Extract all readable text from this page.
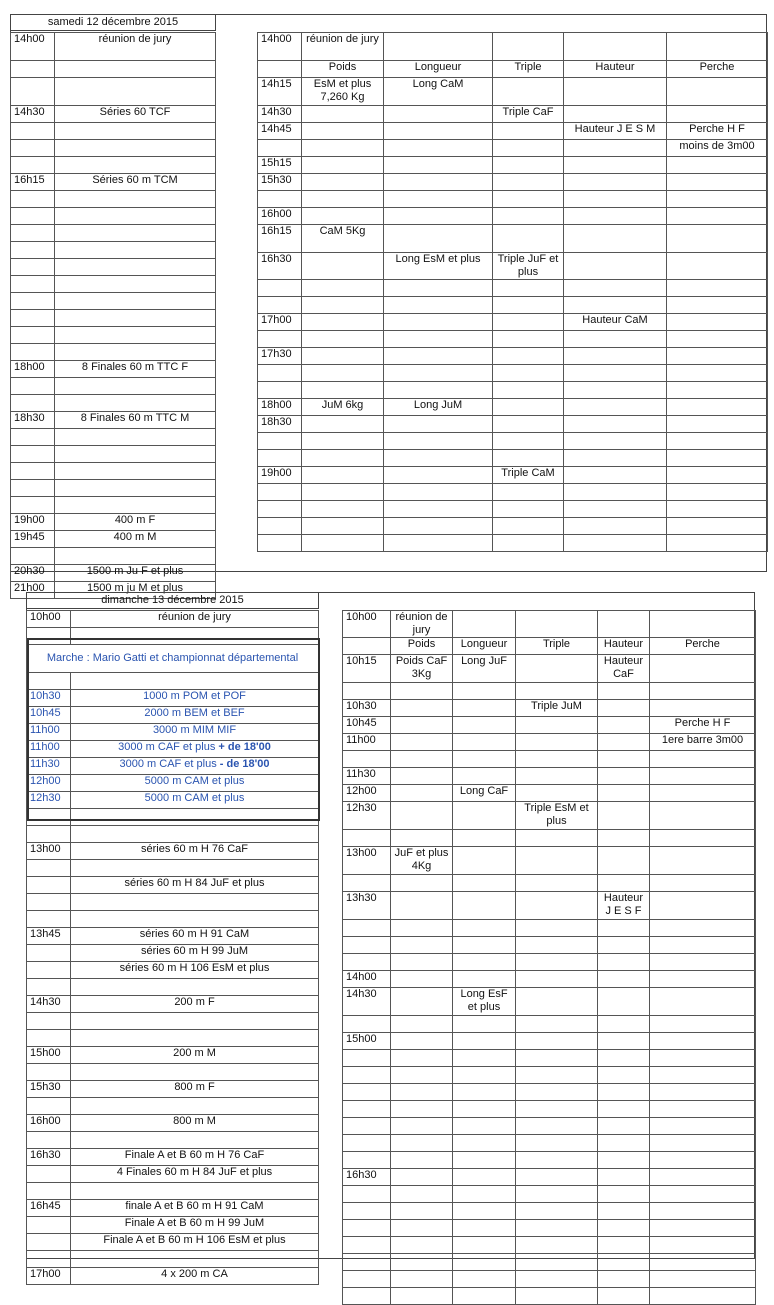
samedi 12 décembre 2015
14h00	réunion de jury

14h30	Séries 60 TCF

16h15	Séries 60 m TCM

18h00	8 Finales 60 m TTC F

18h30	8 Finales 60 m TTC M

19h00	400 m F
19h45	400 m M

20h30	1500 m Ju F et plus
21h00	1500 m ju M et plus
14h00	réunion de jury				
	Poids	Longueur	Triple	Hauteur	Perche
14h15	EsM et plus 7,260 Kg	Long CaM			
14h30			Triple CaF		
14h45				Hauteur J E S M	Perche H F
					moins de 3m00
15h15					
15h30					

16h00					
16h15	CaM 5Kg				
16h30		Long EsM et plus	Triple JuF et plus		

17h00				Hauteur CaM	

17h30					

18h00	JuM 6kg	Long JuM			
18h30					

19h00			Triple CaM		

dimanche 13 décembre 2015
10h00	réunion de jury

Marche : Mario Gatti et championnat départemental	

10h30	1000 m POM et POF
10h45	2000 m BEM et BEF
11h00	3000 m MIM MIF
11h00	3000 m CAF et plus + de 18'00
11h30	3000 m CAF et plus - de 18'00
12h00	5000 m CAM et plus
12h30	5000 m CAM et plus

13h00	séries 60 m H 76 CaF

	séries 60 m H 84 JuF et plus

13h45	séries 60 m H 91 CaM
	séries 60 m H 99 JuM
	séries 60 m H 106 EsM et plus

14h30	200 m F

15h00	200 m M

15h30	800 m F

16h00	800 m M

16h30	Finale A et B 60 m H 76 CaF
	4 Finales 60 m H 84 JuF et plus

16h45	finale A et B 60 m H 91 CaM
	Finale A et B 60 m H 99 JuM
	Finale A et B 60 m H 106 EsM et plus

17h00	4 x 200 m CA
10h00	réunion de jury				
	Poids	Longueur	Triple	Hauteur	Perche
10h15	Poids CaF 3Kg	Long JuF		Hauteur CaF	

10h30			Triple JuM		
10h45					Perche H F
11h00					1ere barre 3m00

11h30					
12h00		Long CaF			
12h30			Triple EsM et plus		

13h00	JuF et plus 4Kg				

13h30				Hauteur J E S F	

14h00					
14h30		Long EsF et plus			

15h00					

16h30					
